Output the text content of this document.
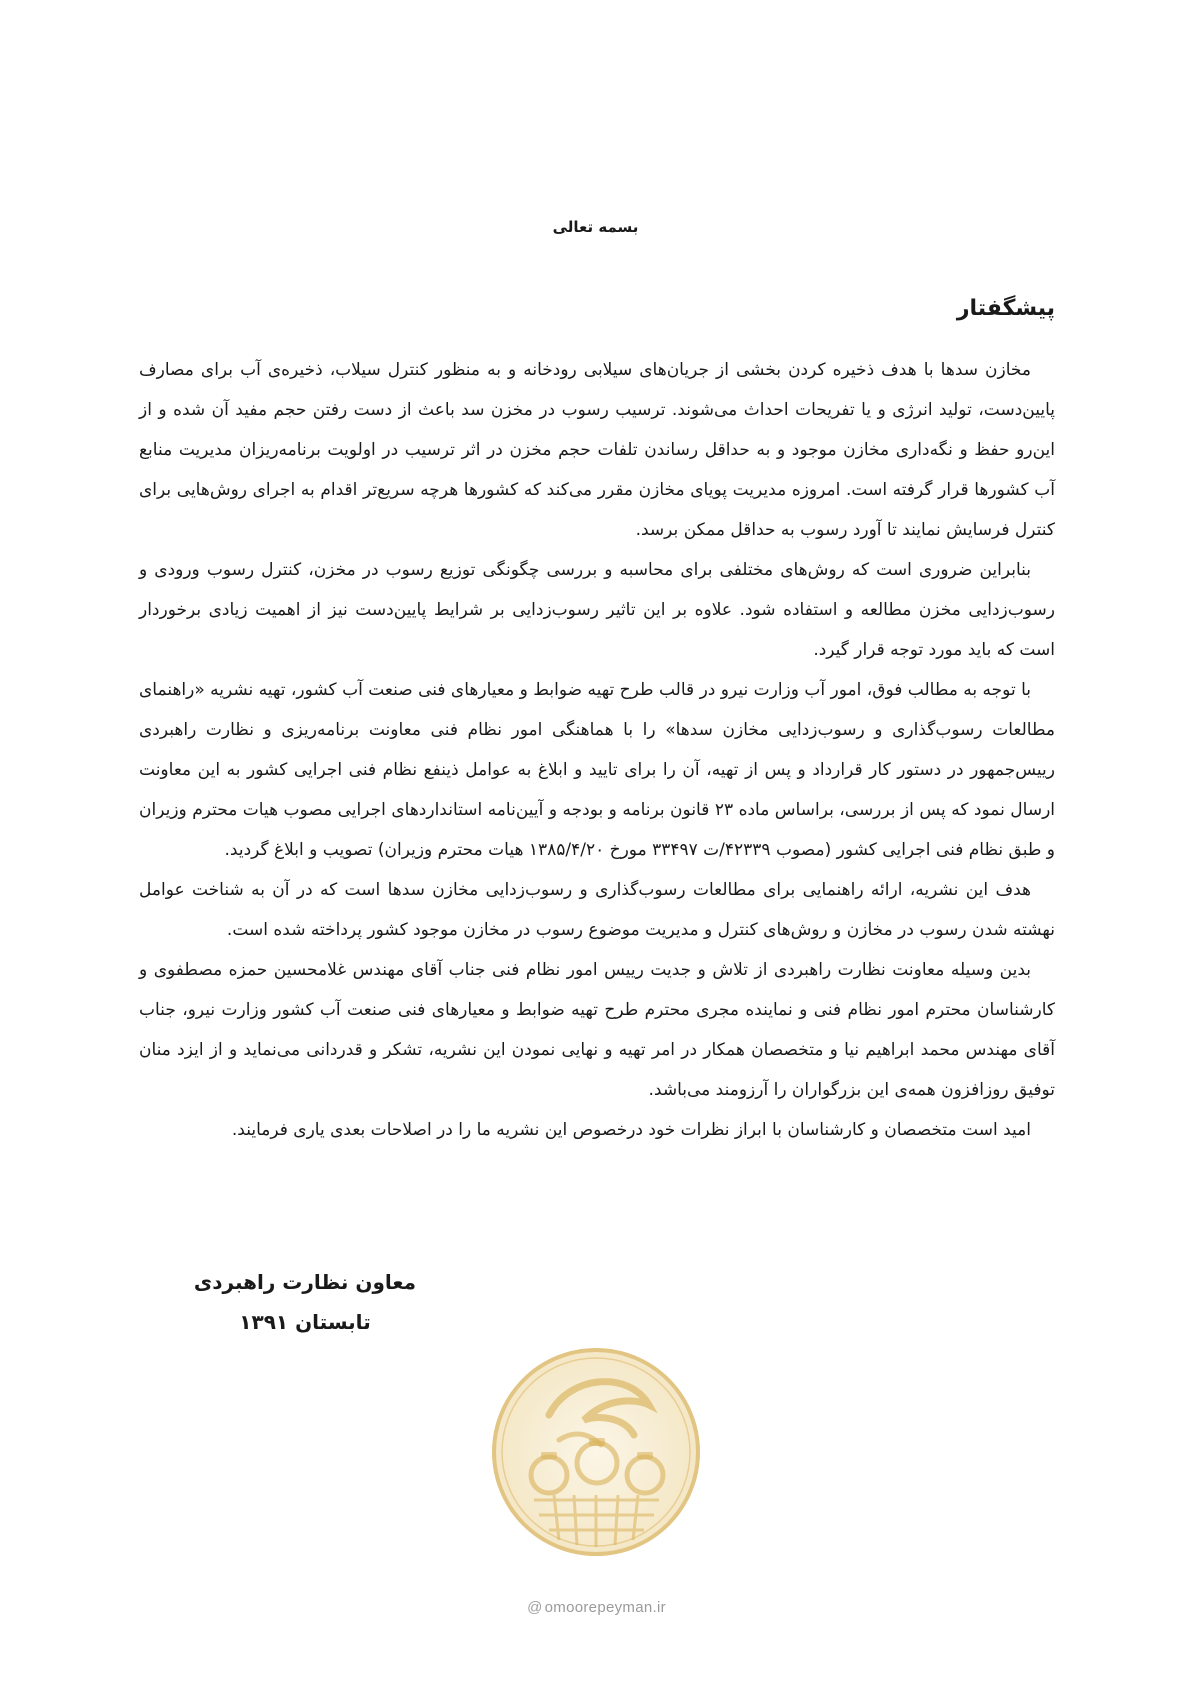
بسمه تعالی
پیشگفتار

مخازن سدها با هدف ذخیره کردن بخشی از جریان‌های سیلابی رودخانه و به منظور کنترل سیلاب، ذخیره‌ی آب برای مصارف پایین‌دست، تولید انرژی و یا تفریحات احداث می‌شوند. ترسیب رسوب در مخزن سد باعث از دست رفتن حجم مفید آن شده و از این‌رو حفظ و نگه‌داری مخازن موجود و به حداقل رساندن تلفات حجم مخزن در اثر ترسیب در اولویت برنامه‌ریزان مدیریت منابع آب کشورها قرار گرفته است. امروزه مدیریت پویای مخازن مقرر می‌کند که کشورها هرچه سریع‌تر اقدام به اجرای روش‌هایی برای کنترل فرسایش نمایند تا آورد رسوب به حداقل ممکن برسد.

بنابراین ضروری است که روش‌های مختلفی برای محاسبه و بررسی چگونگی توزیع رسوب در مخزن، کنترل رسوب ورودی و رسوب‌زدایی مخزن مطالعه و استفاده شود. علاوه بر این تاثیر رسوب‌زدایی بر شرایط پایین‌دست نیز از اهمیت زیادی برخوردار است که باید مورد توجه قرار گیرد.

با توجه به مطالب فوق، امور آب وزارت نیرو در قالب طرح تهیه ضوابط و معیارهای فنی صنعت آب کشور، تهیه نشریه «راهنمای مطالعات رسوب‌گذاری و رسوب‌زدایی مخازن سدها» را با هماهنگی امور نظام فنی معاونت برنامه‌ریزی و نظارت راهبردی رییس‌جمهور در دستور کار قرارداد و پس از تهیه، آن را برای تایید و ابلاغ به عوامل ذینفع نظام فنی اجرایی کشور به این معاونت ارسال نمود که پس از بررسی، براساس ماده ۲۳ قانون برنامه و بودجه و آیین‌نامه استانداردهای اجرایی مصوب هیات محترم وزیران و طبق نظام فنی اجرایی کشور (مصوب ۴۲۳۳۹/ت ۳۳۴۹۷ مورخ ۱۳۸۵/۴/۲۰ هیات محترم وزیران) تصویب و ابلاغ گردید.

هدف این نشریه، ارائه راهنمایی برای مطالعات رسوب‌گذاری و رسوب‌زدایی مخازن سدها است که در آن به شناخت عوامل نهشته شدن رسوب در مخازن و روش‌های کنترل و مدیریت موضوع رسوب در مخازن موجود کشور پرداخته شده است.

بدین وسیله معاونت نظارت راهبردی از تلاش و جدیت رییس امور نظام فنی جناب آقای مهندس غلامحسین حمزه مصطفوی و کارشناسان محترم امور نظام فنی و نماینده مجری محترم طرح تهیه ضوابط و معیارهای فنی صنعت آب کشور وزارت نیرو، جناب آقای مهندس محمد ابراهیم نیا و متخصصان همکار در امر تهیه و نهایی نمودن این نشریه، تشکر و قدردانی می‌نماید و از ایزد منان توفیق روزافزون همه‌ی این بزرگواران را آرزومند می‌باشد.

امید است متخصصان و کارشناسان با ابراز نظرات خود درخصوص این نشریه ما را در اصلاحات بعدی یاری فرمایند.

معاون نظارت راهبردی
تابستان ۱۳۹۱
@ omoorepeyman.ir
